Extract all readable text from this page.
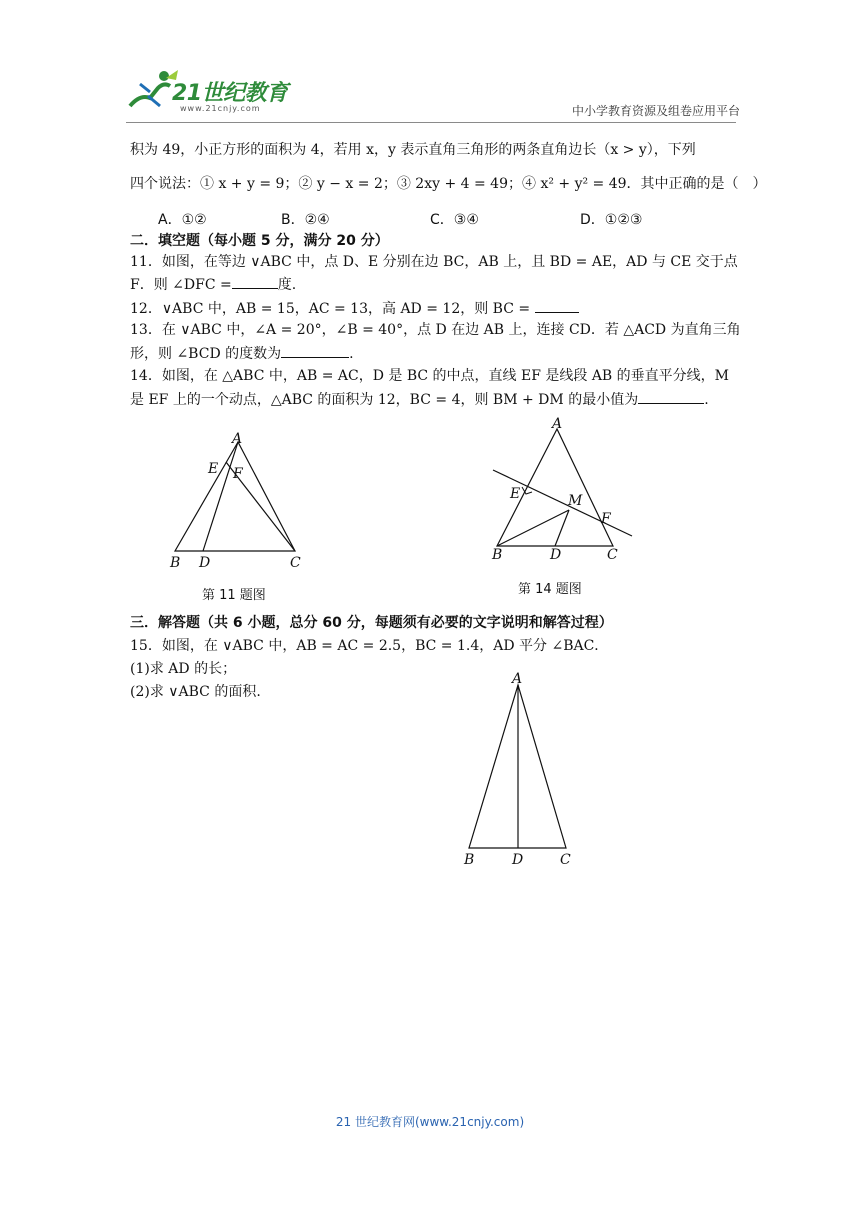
21世纪教育
www.21cnjy.com	中小学教育资源及组卷应用平台
积为 49，小正方形的面积为 4，若用 x，y 表示直角三角形的两条直角边长（x > y），下列
四个说法：① x + y = 9；② y − x = 2；③ 2xy + 4 = 49；④ x² + y² = 49．其中正确的是（　）
A．①②	B．②④	C．③④	D．①②③
二．填空题（每小题 5 分，满分 20 分）
11．如图，在等边 ∨ABC 中，点 D、E 分别在边 BC，AB 上，且 BD = AE，AD 与 CE 交于点
F．则 ∠DFC =	度.
12．∨ABC 中，AB = 15，AC = 13，高 AD = 12，则 BC =
13．在 ∨ABC 中，∠A = 20°，∠B = 40°，点 D 在边 AB 上，连接 CD．若 △ACD 为直角三角
形，则 ∠BCD 的度数为	.
14．如图，在 △ABC 中，AB = AC，D 是 BC 的中点，直线 EF 是线段 AB 的垂直平分线，M
是 EF 上的一个动点，△ABC 的面积为 12，BC = 4，则 BM + DM 的最小值为	.
A
E F
B D	C
第 11 题图
A
E	M
F
B	D	C
第 14 题图
三．解答题（共 6 小题，总分 60 分，每题须有必要的文字说明和解答过程）
15．如图，在 ∨ABC 中，AB = AC = 2.5，BC = 1.4，AD 平分 ∠BAC．
(1)求 AD 的长；
(2)求 ∨ABC 的面积.
A
B	D	C
21 世纪教育网(www.21cnjy.com)
